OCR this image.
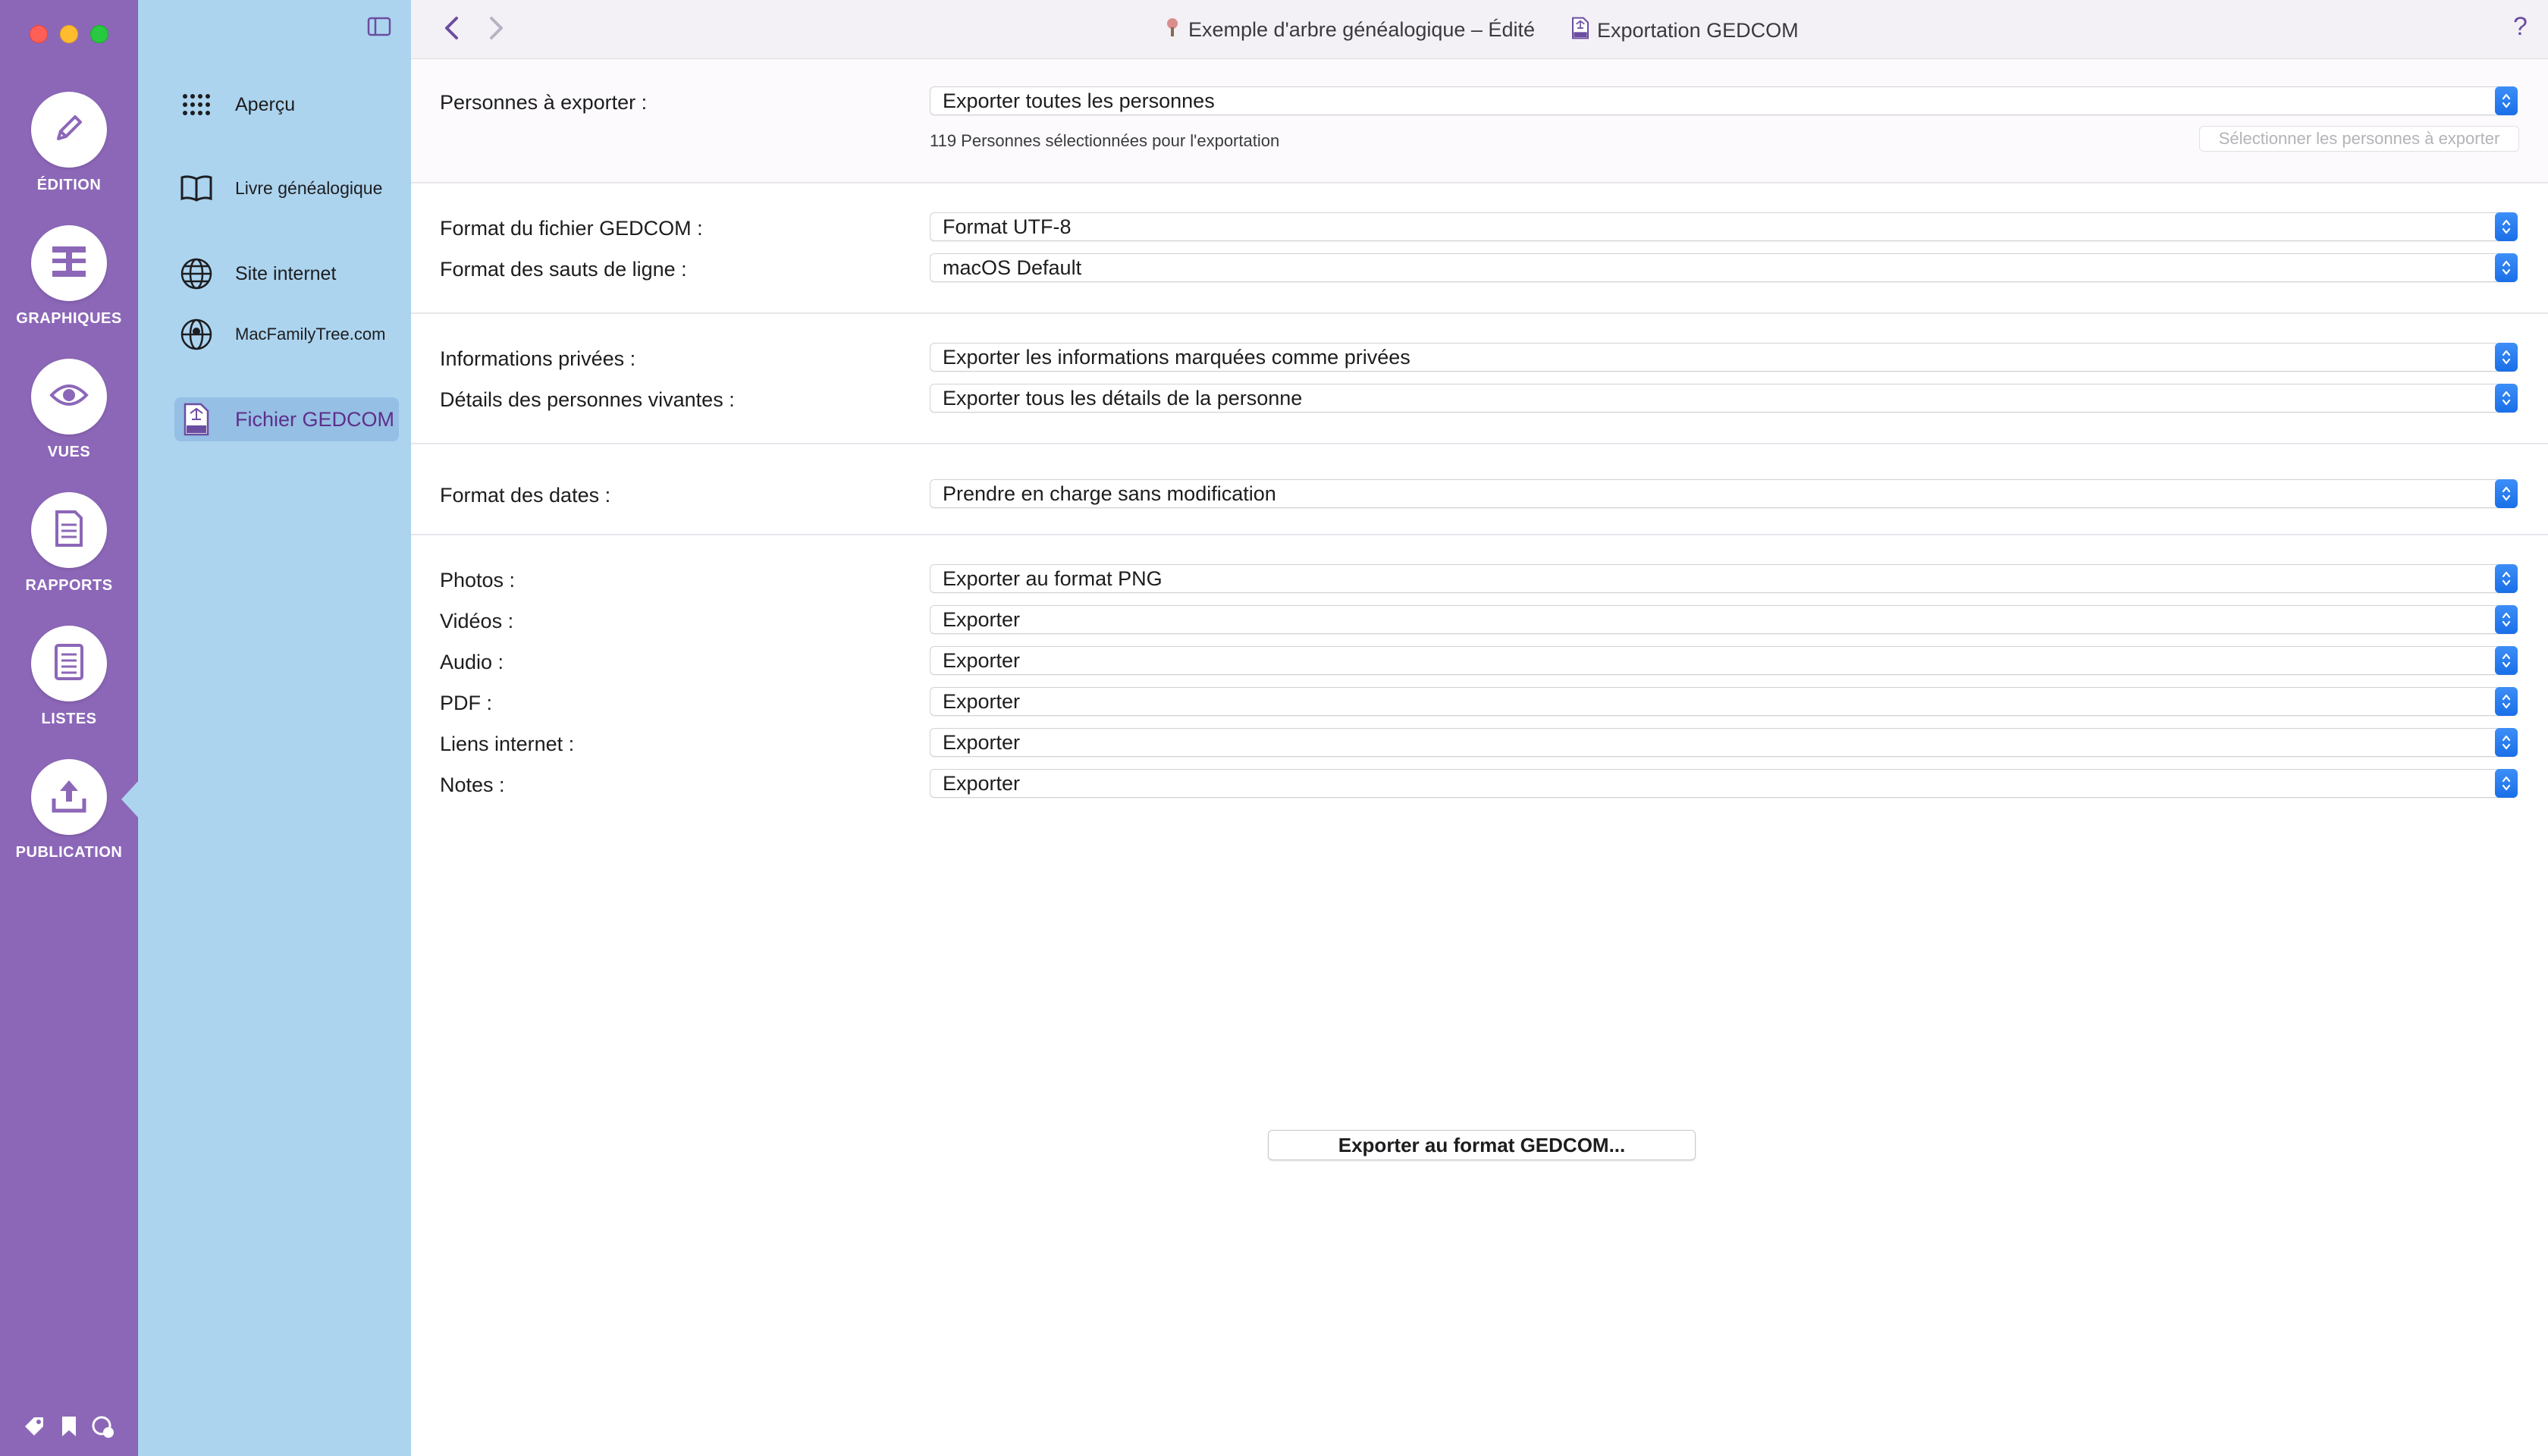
ÉDITION
GRAPHIQUES
VUES
RAPPORTS
LISTES
PUBLICATION
Aperçu
Livre généalogique
Site internet
MacFamilyTree.com
Fichier GEDCOM
Exemple d'arbre généalogique – Édité	Exportation GEDCOM	?
Personnes à exporter :	Exporter toutes les personnes
119 Personnes sélectionnées pour l'exportation	Sélectionner les personnes à exporter
Format du fichier GEDCOM :	Format UTF-8
Format des sauts de ligne :	macOS Default
Informations privées :	Exporter les informations marquées comme privées
Détails des personnes vivantes :	Exporter tous les détails de la personne
Format des dates :	Prendre en charge sans modification
Photos :	Exporter au format PNG
Vidéos :	Exporter
Audio :	Exporter
PDF :	Exporter
Liens internet :	Exporter
Notes :	Exporter
Exporter au format GEDCOM...
